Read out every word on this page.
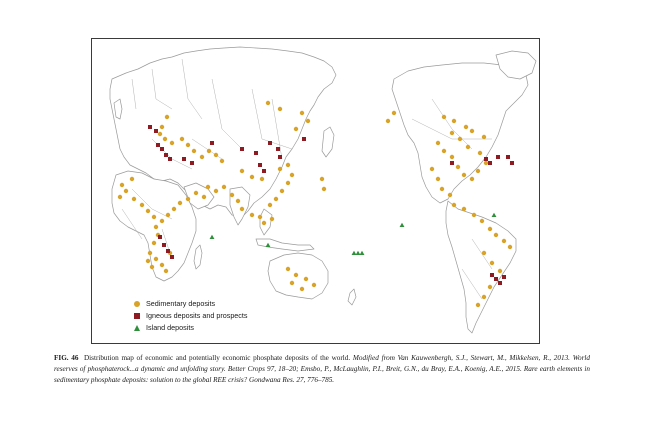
Sedimentary deposits
Igneous deposits and prospects
Island deposits
FIG. 46 Distribution map of economic and potentially economic phosphate deposits of the world. Modified from Van Kauwenbergh, S.J., Stewart, M., Mikkelsen, R., 2013. World reserves of phosphaterock...a dynamic and unfolding story. Better Crops 97, 18–20; Emsbo, P., McLaughlin, P.I., Breit, G.N., du Bray, E.A., Koenig, A.E., 2015. Rare earth elements in sedimentary phosphate deposits: solution to the global REE crisis? Gondwana Res. 27, 776–785.
